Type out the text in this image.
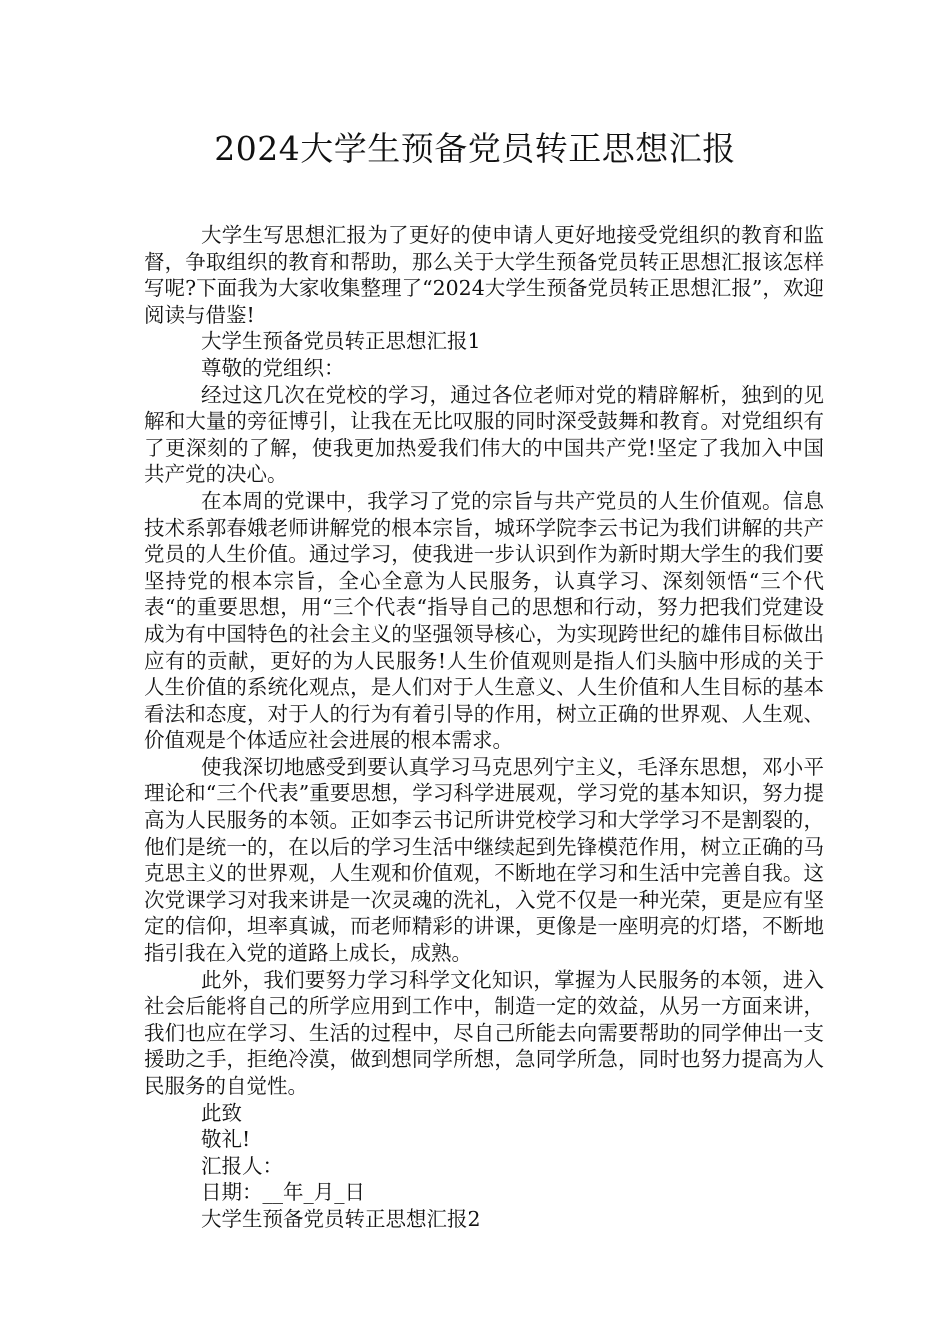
2024大学生预备党员转正思想汇报

大学生写思想汇报为了更好的使申请人更好地接受党组织的教育和监督，争取组织的教育和帮助，那么关于大学生预备党员转正思想汇报该怎样写呢?下面我为大家收集整理了“2024大学生预备党员转正思想汇报”，欢迎阅读与借鉴!

大学生预备党员转正思想汇报1

尊敬的党组织：

经过这几次在党校的学习，通过各位老师对党的精辟解析，独到的见解和大量的旁征博引，让我在无比叹服的同时深受鼓舞和教育。对党组织有了更深刻的了解，使我更加热爱我们伟大的中国共产党!坚定了我加入中国共产党的决心。

在本周的党课中，我学习了党的宗旨与共产党员的人生价值观。信息技术系郭春娥老师讲解党的根本宗旨，城环学院李云书记为我们讲解的共产党员的人生价值。通过学习，使我进一步认识到作为新时期大学生的我们要坚持党的根本宗旨，全心全意为人民服务，认真学习、深刻领悟“三个代表“的重要思想，用“三个代表“指导自己的思想和行动，努力把我们党建设成为有中国特色的社会主义的坚强领导核心，为实现跨世纪的雄伟目标做出应有的贡献，更好的为人民服务!人生价值观则是指人们头脑中形成的关于人生价值的系统化观点，是人们对于人生意义、人生价值和人生目标的基本看法和态度，对于人的行为有着引导的作用，树立正确的世界观、人生观、价值观是个体适应社会进展的根本需求。

使我深切地感受到要认真学习马克思列宁主义，毛泽东思想，邓小平理论和“三个代表”重要思想，学习科学进展观，学习党的基本知识，努力提高为人民服务的本领。正如李云书记所讲党校学习和大学学习不是割裂的，他们是统一的，在以后的学习生活中继续起到先锋模范作用，树立正确的马克思主义的世界观，人生观和价值观，不断地在学习和生活中完善自我。这次党课学习对我来讲是一次灵魂的洗礼，入党不仅是一种光荣，更是应有坚定的信仰，坦率真诚，而老师精彩的讲课，更像是一座明亮的灯塔，不断地指引我在入党的道路上成长，成熟。

此外，我们要努力学习科学文化知识，掌握为人民服务的本领，进入社会后能将自己的所学应用到工作中，制造一定的效益，从另一方面来讲，我们也应在学习、生活的过程中，尽自己所能去向需要帮助的同学伸出一支援助之手，拒绝冷漠，做到想同学所想，急同学所急，同时也努力提高为人民服务的自觉性。

此致

敬礼!

汇报人：

日期：__年_月_日

大学生预备党员转正思想汇报2
